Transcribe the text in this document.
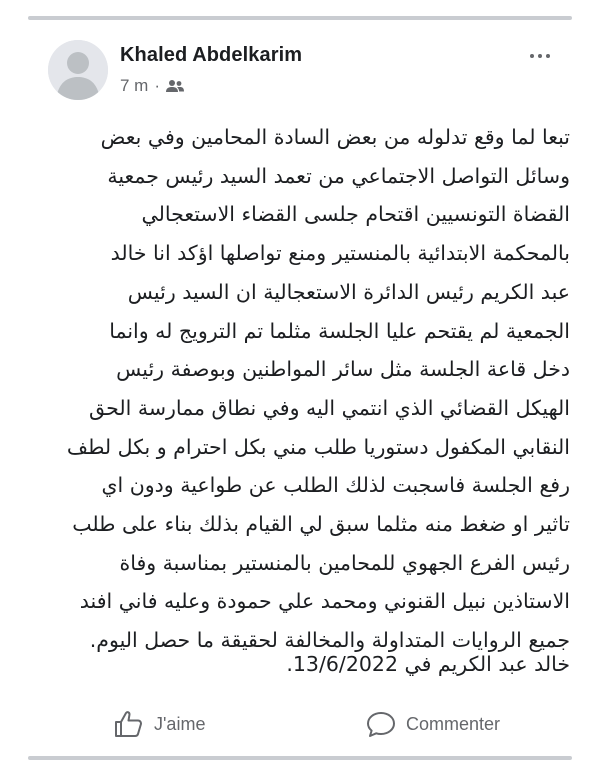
Khaled Abdelkarim
7 m ·
تبعا لما وقع تدلوله من بعض السادة المحامين وفي بعض
وسائل التواصل الاجتماعي من تعمد السيد رئيس جمعية
القضاة التونسيين اقتحام جلسى القضاء الاستعجالي
بالمحكمة الابتدائية بالمنستير ومنع تواصلها اؤكد انا خالد
عبد الكريم رئيس الدائرة الاستعجالية ان السيد رئيس
الجمعية لم يقتحم عليا الجلسة مثلما تم الترويج له وانما
دخل قاعة الجلسة مثل سائر المواطنين وبوصفة رئيس
الهيكل القضائي الذي انتمي اليه وفي نطاق ممارسة الحق
النقابي المكفول دستوريا طلب مني بكل احترام و بكل لطف
رفع الجلسة فاسجبت لذلك الطلب عن طواعية ودون اي
تاثير او ضغط منه مثلما سبق لي القيام بذلك بناء على طلب
رئيس الفرع الجهوي للمحامين بالمنستير بمناسبة وفاة
الاستاذين نبيل القنوني ومحمد علي حمودة وعليه فاني افند
جميع الروايات المتداولة والمخالفة لحقيقة ما حصل اليوم.
خالد عبد الكريم في 13/6/2022.
J'aime	Commenter
